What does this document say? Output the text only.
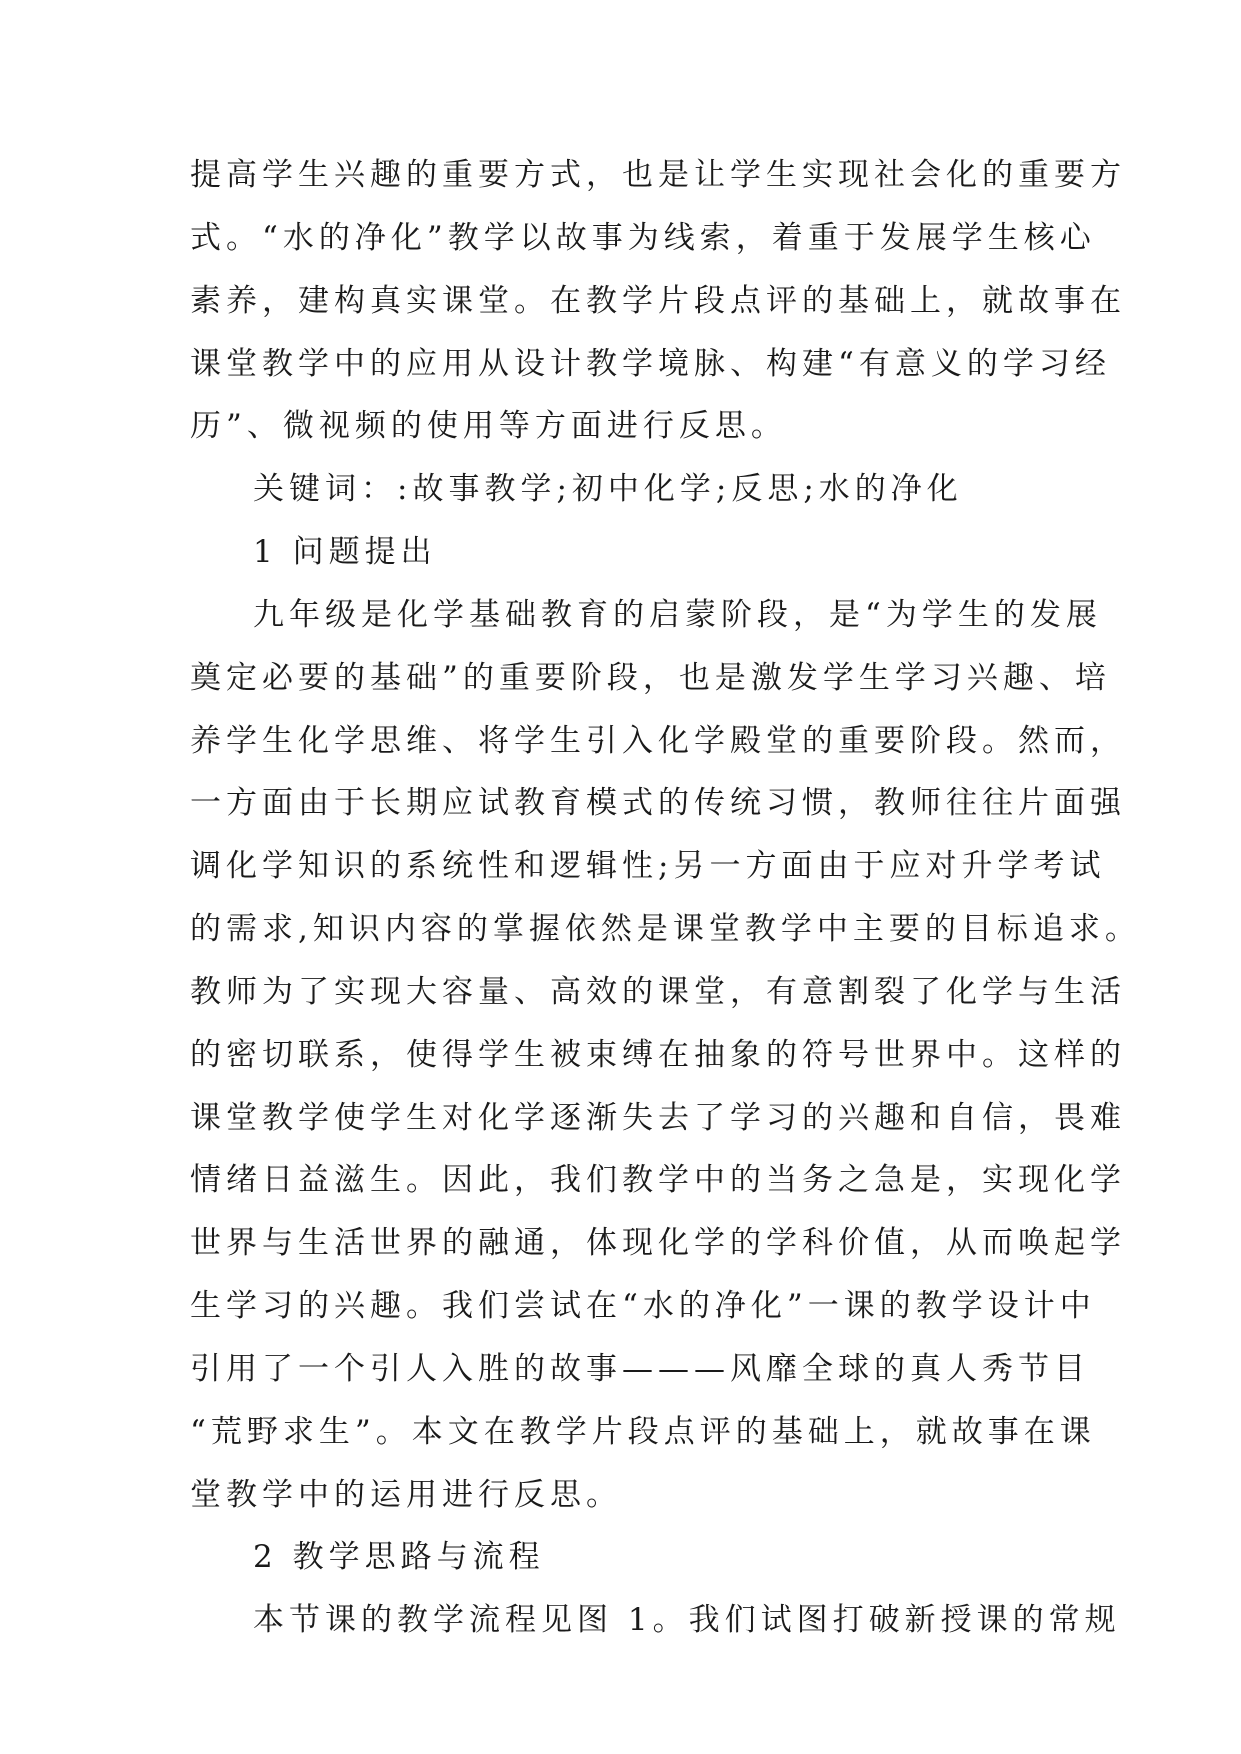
提高学生兴趣的重要方式，也是让学生实现社会化的重要方

式。“水的净化”教学以故事为线索，着重于发展学生核心

素养，建构真实课堂。在教学片段点评的基础上，就故事在

课堂教学中的应用从设计教学境脉、构建“有意义的学习经

历”、微视频的使用等方面进行反思。

关键词：:故事教学;初中化学;反思;水的净化

1 问题提出

九年级是化学基础教育的启蒙阶段，是“为学生的发展

奠定必要的基础”的重要阶段，也是激发学生学习兴趣、培

养学生化学思维、将学生引入化学殿堂的重要阶段。然而，

一方面由于长期应试教育模式的传统习惯，教师往往片面强

调化学知识的系统性和逻辑性;另一方面由于应对升学考试

的需求,知识内容的掌握依然是课堂教学中主要的目标追求。

教师为了实现大容量、高效的课堂，有意割裂了化学与生活

的密切联系，使得学生被束缚在抽象的符号世界中。这样的

课堂教学使学生对化学逐渐失去了学习的兴趣和自信，畏难

情绪日益滋生。因此，我们教学中的当务之急是，实现化学

世界与生活世界的融通，体现化学的学科价值，从而唤起学

生学习的兴趣。我们尝试在“水的净化”一课的教学设计中

引用了一个引人入胜的故事———风靡全球的真人秀节目

“荒野求生”。本文在教学片段点评的基础上，就故事在课

堂教学中的运用进行反思。

2 教学思路与流程

本节课的教学流程见图 1。我们试图打破新授课的常规
